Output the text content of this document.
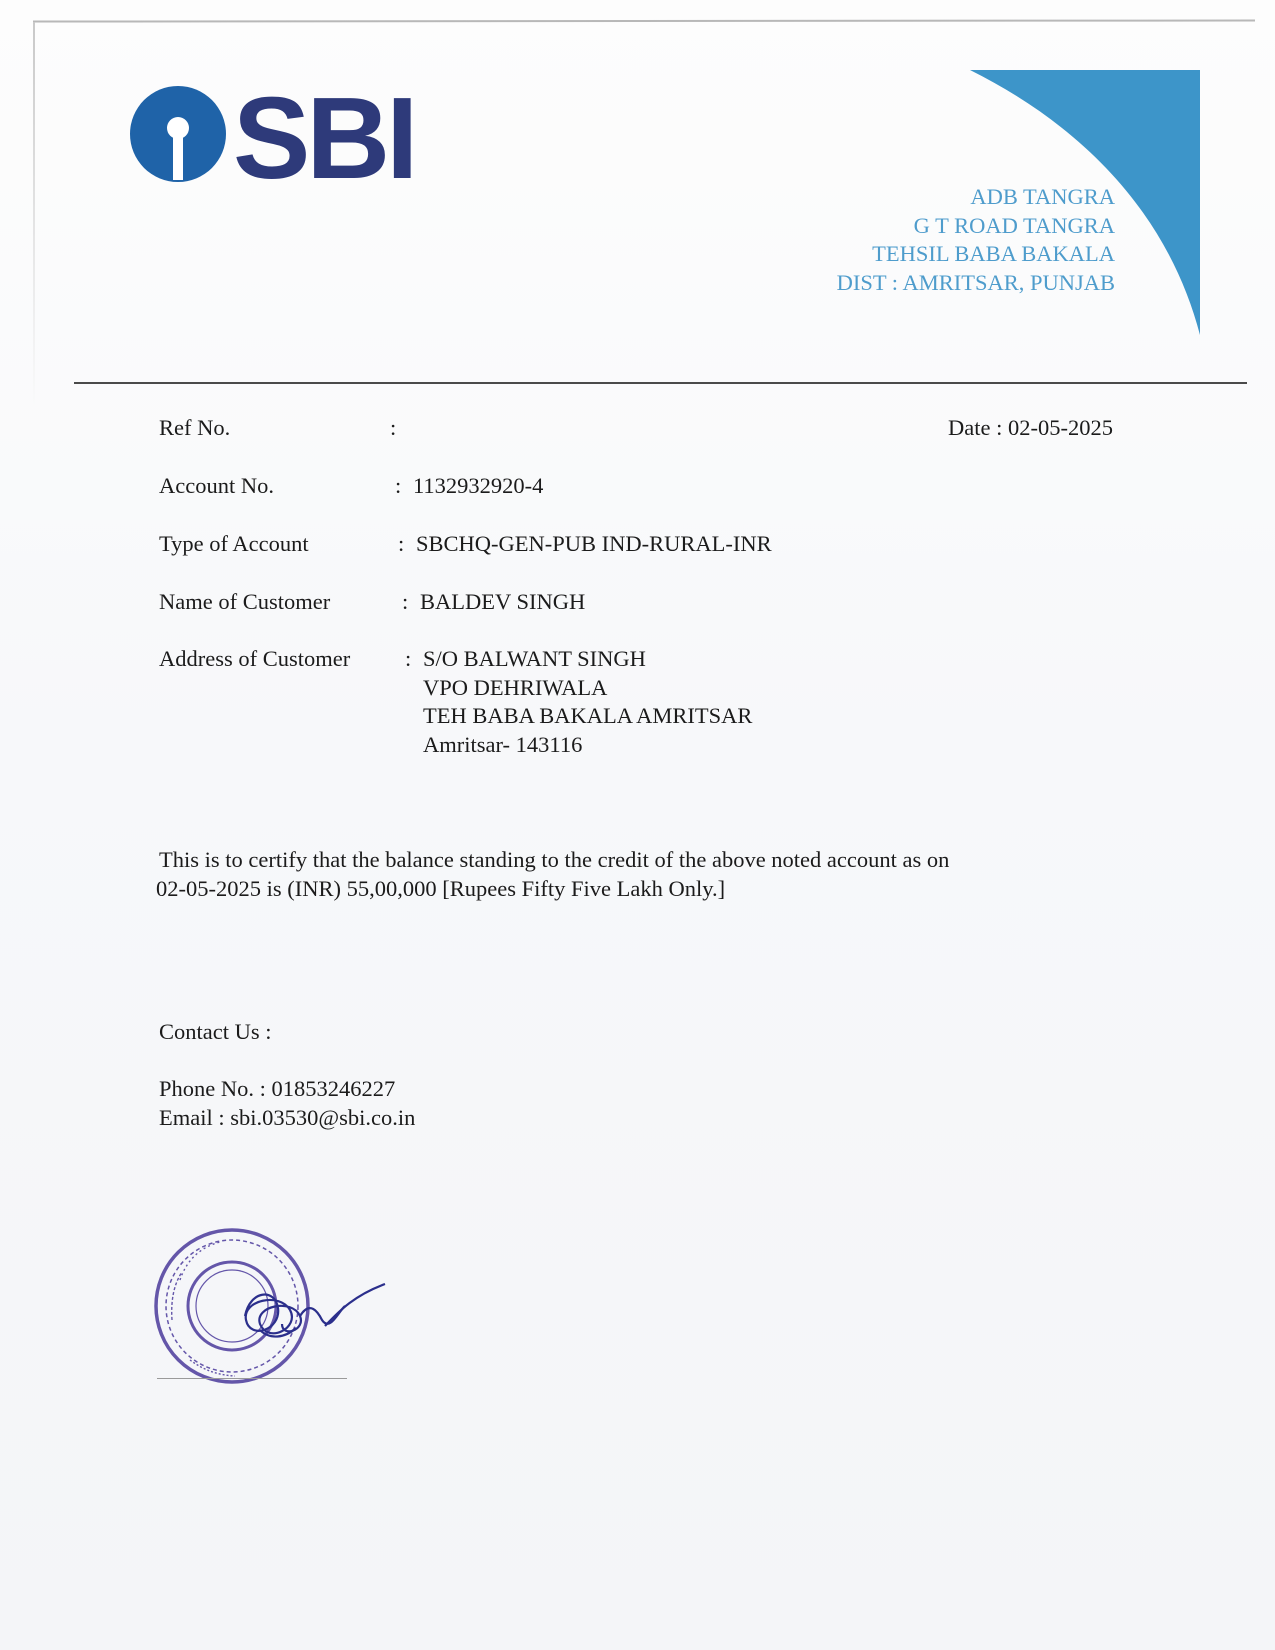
SBI	ADB TANGRA
G T ROAD TANGRA
TEHSIL BABA BAKALA
DIST : AMRITSAR, PUNJAB
Ref No.	:	Date : 02-05-2025
Account No.	: 1132932920-4
Type of Account	: SBCHQ-GEN-PUB IND-RURAL-INR
Name of Customer	: BALDEV SINGH
Address of Customer : S/O BALWANT SINGH
VPO DEHRIWALA
TEH BABA BAKALA AMRITSAR
Amritsar- 143116
This is to certify that the balance standing to the credit of the above noted account as on
02-05-2025 is (INR) 55,00,000 [Rupees Fifty Five Lakh Only.]
Contact Us :
Phone No. : 01853246227
Email : sbi.03530@sbi.co.in
